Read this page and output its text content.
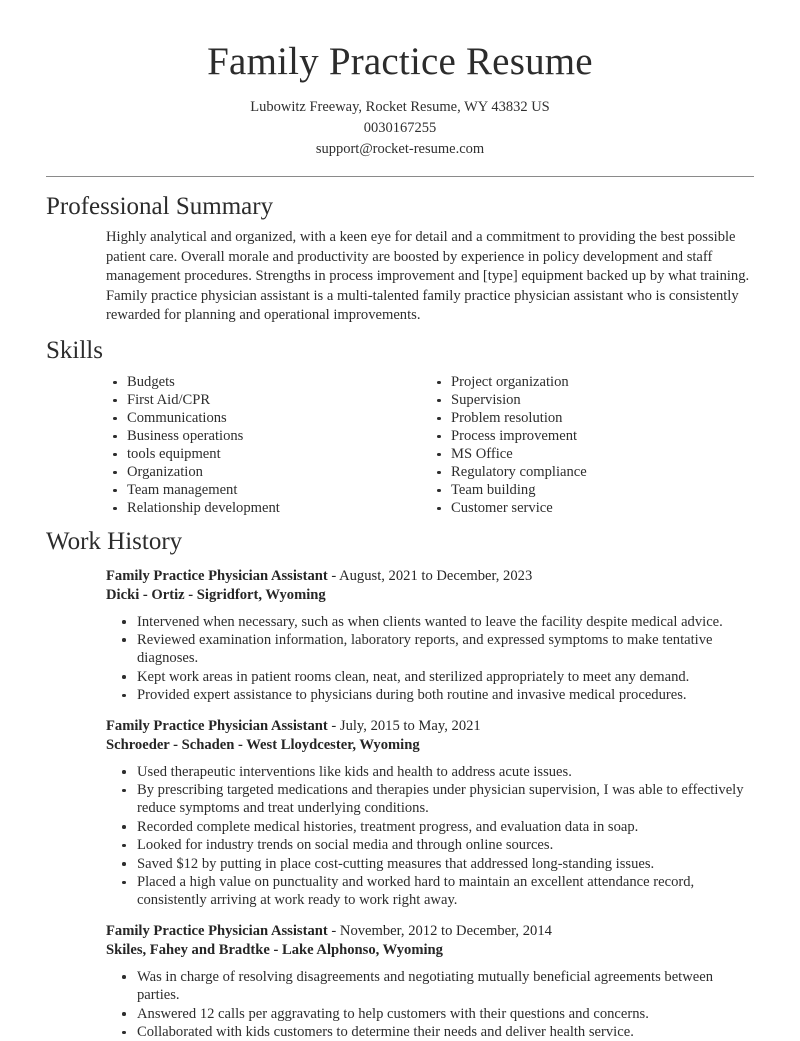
Family Practice Resume
Lubowitz Freeway, Rocket Resume, WY 43832 US
0030167255
support@rocket-resume.com
Professional Summary

Highly analytical and organized, with a keen eye for detail and a commitment to providing the best possible patient care. Overall morale and productivity are boosted by experience in policy development and staff management procedures. Strengths in process improvement and [type] equipment backed up by what training. Family practice physician assistant is a multi-talented family practice physician assistant who is consistently rewarded for planning and operational improvements.

Skills
Budgets
First Aid/CPR
Communications
Business operations
tools equipment
Organization
Team management
Relationship development
Project organization
Supervision
Problem resolution
Process improvement
MS Office
Regulatory compliance
Team building
Customer service
Work History
Family Practice Physician Assistant - August, 2021 to December, 2023
Dicki - Ortiz - Sigridfort, Wyoming
Intervened when necessary, such as when clients wanted to leave the facility despite medical advice.
Reviewed examination information, laboratory reports, and expressed symptoms to make tentative diagnoses.
Kept work areas in patient rooms clean, neat, and sterilized appropriately to meet any demand.
Provided expert assistance to physicians during both routine and invasive medical procedures.
Family Practice Physician Assistant - July, 2015 to May, 2021
Schroeder - Schaden - West Lloydcester, Wyoming
Used therapeutic interventions like kids and health to address acute issues.
By prescribing targeted medications and therapies under physician supervision, I was able to effectively reduce symptoms and treat underlying conditions.
Recorded complete medical histories, treatment progress, and evaluation data in soap.
Looked for industry trends on social media and through online sources.
Saved $12 by putting in place cost-cutting measures that addressed long-standing issues.
Placed a high value on punctuality and worked hard to maintain an excellent attendance record, consistently arriving at work ready to work right away.
Family Practice Physician Assistant - November, 2012 to December, 2014
Skiles, Fahey and Bradtke - Lake Alphonso, Wyoming
Was in charge of resolving disagreements and negotiating mutually beneficial agreements between parties.
Answered 12 calls per aggravating to help customers with their questions and concerns.
Collaborated with kids customers to determine their needs and deliver health service.
